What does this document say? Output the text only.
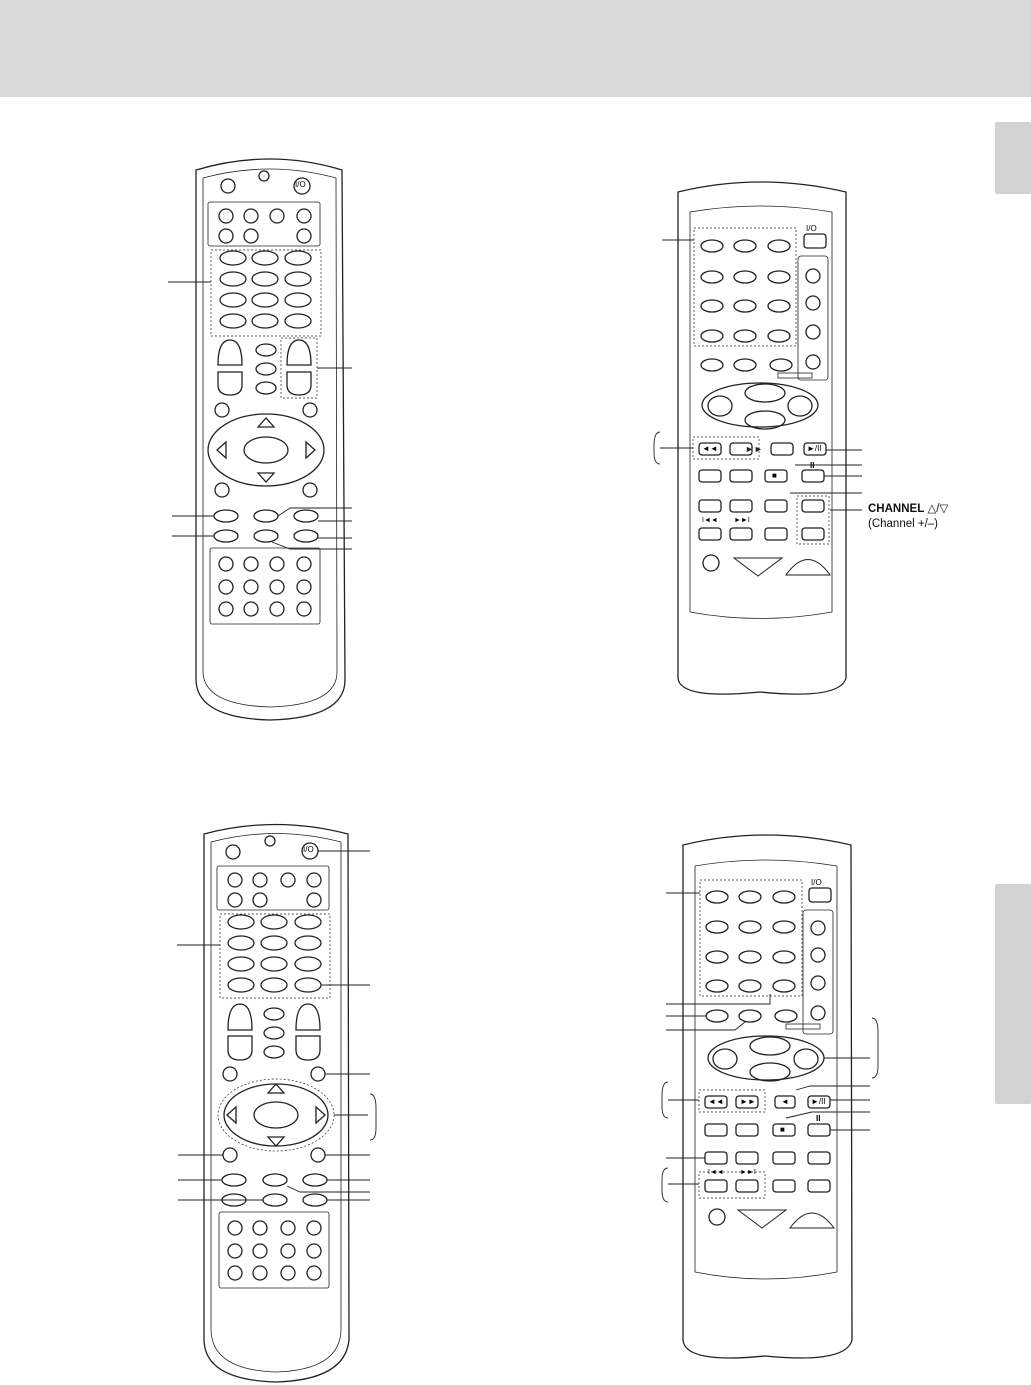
►►
CHANNEL △/▽
(Channel +/–)
I/Ο
I/Ο
I/Ο
I/Ο
►/II
►/II
■
■
II
II
◄◄
◄◄ ►►
I◄◄ ►►I
I◄◄ ►►I
◄
